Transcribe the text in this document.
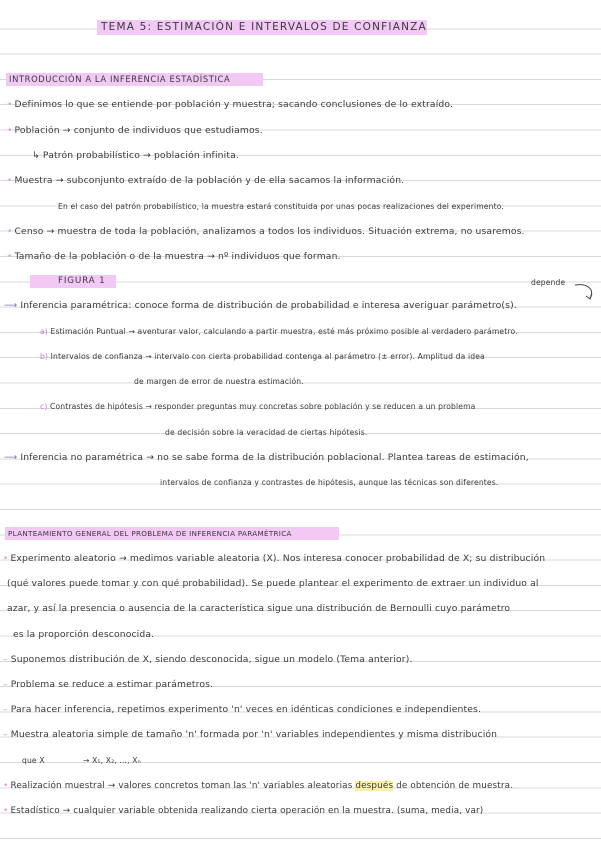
TEMA 5: ESTIMACIÓN E INTERVALOS DE CONFIANZA
INTRODUCCIÓN A LA INFERENCIA ESTADÍSTICA
• Definimos lo que se entiende por población y muestra; sacando conclusiones de lo extraído.
• Población → conjunto de individuos que estudiamos.
↳ Patrón probabilístico → población infinita.
• Muestra → subconjunto extraído de la población y de ella sacamos la información.
En el caso del patrón probabilístico, la muestra estará constituida por unas pocas realizaciones del experimento.
• Censo → muestra de toda la población, analizamos a todos los individuos. Situación extrema, no usaremos.
• Tamaño de la población o de la muestra → nº individuos que forman.
FIGURA 1	depende
⟶ Inferencia paramétrica: conoce forma de distribución de probabilidad e interesa averiguar parámetro(s).
a) Estimación Puntual → aventurar valor, calculando a partir muestra, esté más próximo posible al verdadero parámetro.
b) Intervalos de confianza → intervalo con cierta probabilidad contenga al parámetro (± error). Amplitud da idea
de margen de error de nuestra estimación.
c) Contrastes de hipótesis → responder preguntas muy concretas sobre población y se reducen a un problema
de decisión sobre la veracidad de ciertas hipótesis.
⟶ Inferencia no paramétrica → no se sabe forma de la distribución poblacional. Plantea tareas de estimación,
intervalos de confianza y contrastes de hipótesis, aunque las técnicas son diferentes.
PLANTEAMIENTO GENERAL DEL PROBLEMA DE INFERENCIA PARAMÉTRICA
• Experimento aleatorio → medimos variable aleatoria (X). Nos interesa conocer probabilidad de X; su distribución
(qué valores puede tomar y con qué probabilidad). Se puede plantear el experimento de extraer un individuo al
azar, y así la presencia o ausencia de la característica sigue una distribución de Bernoulli cuyo parámetro
es la proporción desconocida.
– Suponemos distribución de X, siendo desconocida, sigue un modelo (Tema anterior).
– Problema se reduce a estimar parámetros.
– Para hacer inferencia, repetimos experimento 'n' veces en idénticas condiciones e independientes.
– Muestra aleatoria simple de tamaño 'n' formada por 'n' variables independientes y misma distribución
que X	→ X₁, X₂, ..., Xₙ
• Realización muestral → valores concretos toman las 'n' variables aleatorias después de obtención de muestra.
• Estadístico → cualquier variable obtenida realizando cierta operación en la muestra. (suma, media, var)
